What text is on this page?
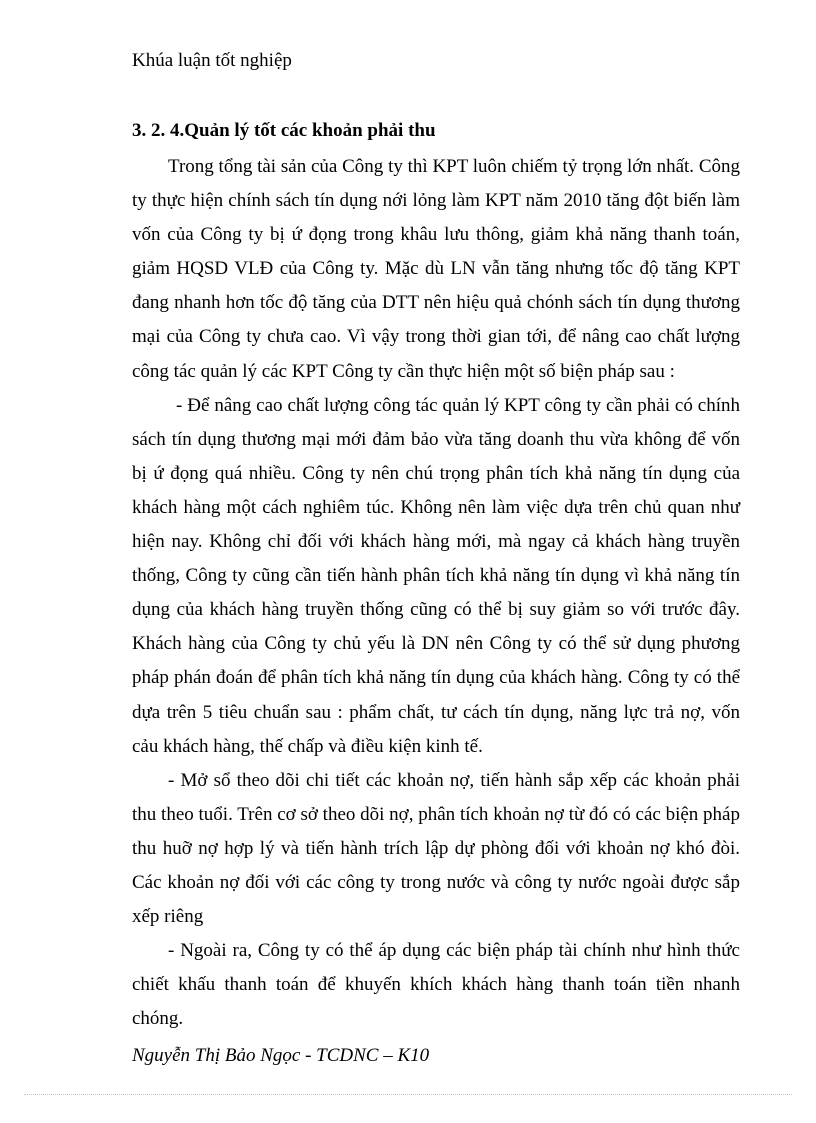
Khúa luận tốt nghiệp
3. 2. 4.Quản lý tốt các khoản phải thu

Trong tổng tài sản của Công ty thì KPT luôn chiếm tỷ trọng lớn nhất. Công ty thực hiện chính sách tín dụng nới lỏng làm KPT năm 2010 tăng đột biến làm vốn của Công ty bị ứ đọng trong khâu lưu thông, giảm khả năng thanh toán, giảm HQSD VLĐ của Công ty. Mặc dù LN vẫn tăng nhưng tốc độ tăng KPT đang nhanh hơn tốc độ tăng của DTT nên hiệu quả chónh sách tín dụng thương mại của Công ty chưa cao. Vì vậy trong thời gian tới, để nâng cao chất lượng công tác quản lý các KPT Công ty cần thực hiện một số biện pháp sau :

- Để nâng cao chất lượng công tác quản lý KPT công ty cần phải có chính sách tín dụng thương mại mới đảm bảo vừa tăng doanh thu vừa không để vốn bị ứ đọng quá nhiều. Công ty nên chú trọng phân tích khả năng tín dụng của khách hàng một cách nghiêm túc. Không nên làm việc dựa trên chủ quan như hiện nay. Không chỉ đối với khách hàng mới, mà ngay cả khách hàng truyền thống, Công ty cũng cần tiến hành phân tích khả năng tín dụng vì khả năng tín dụng của khách hàng truyền thống cũng có thể bị suy giảm so với trước đây. Khách hàng của Công ty chủ yếu là DN nên Công ty có thể sử dụng phương pháp phán đoán để phân tích khả năng tín dụng của khách hàng. Công ty có thể dựa trên 5 tiêu chuẩn sau : phẩm chất, tư cách tín dụng, năng lực trả nợ, vốn cảu khách hàng, thế chấp và điều kiện kinh tế.

- Mở sổ theo dõi chi tiết các khoản nợ, tiến hành sắp xếp các khoản phải thu theo tuổi. Trên cơ sở theo dõi nợ, phân tích khoản nợ từ đó có các biện pháp thu huỡ nợ hợp lý và tiến hành trích lập dự phòng đối với khoản nợ khó đòi. Các khoản nợ đối với các công ty trong nước và công ty nước ngoài được sắp xếp riêng

- Ngoài ra, Công ty có thể áp dụng các biện pháp tài chính như hình thức chiết khấu thanh toán để khuyến khích khách hàng thanh toán tiền nhanh chóng.

Nguyễn Thị Bảo Ngọc - TCDNC – K10
